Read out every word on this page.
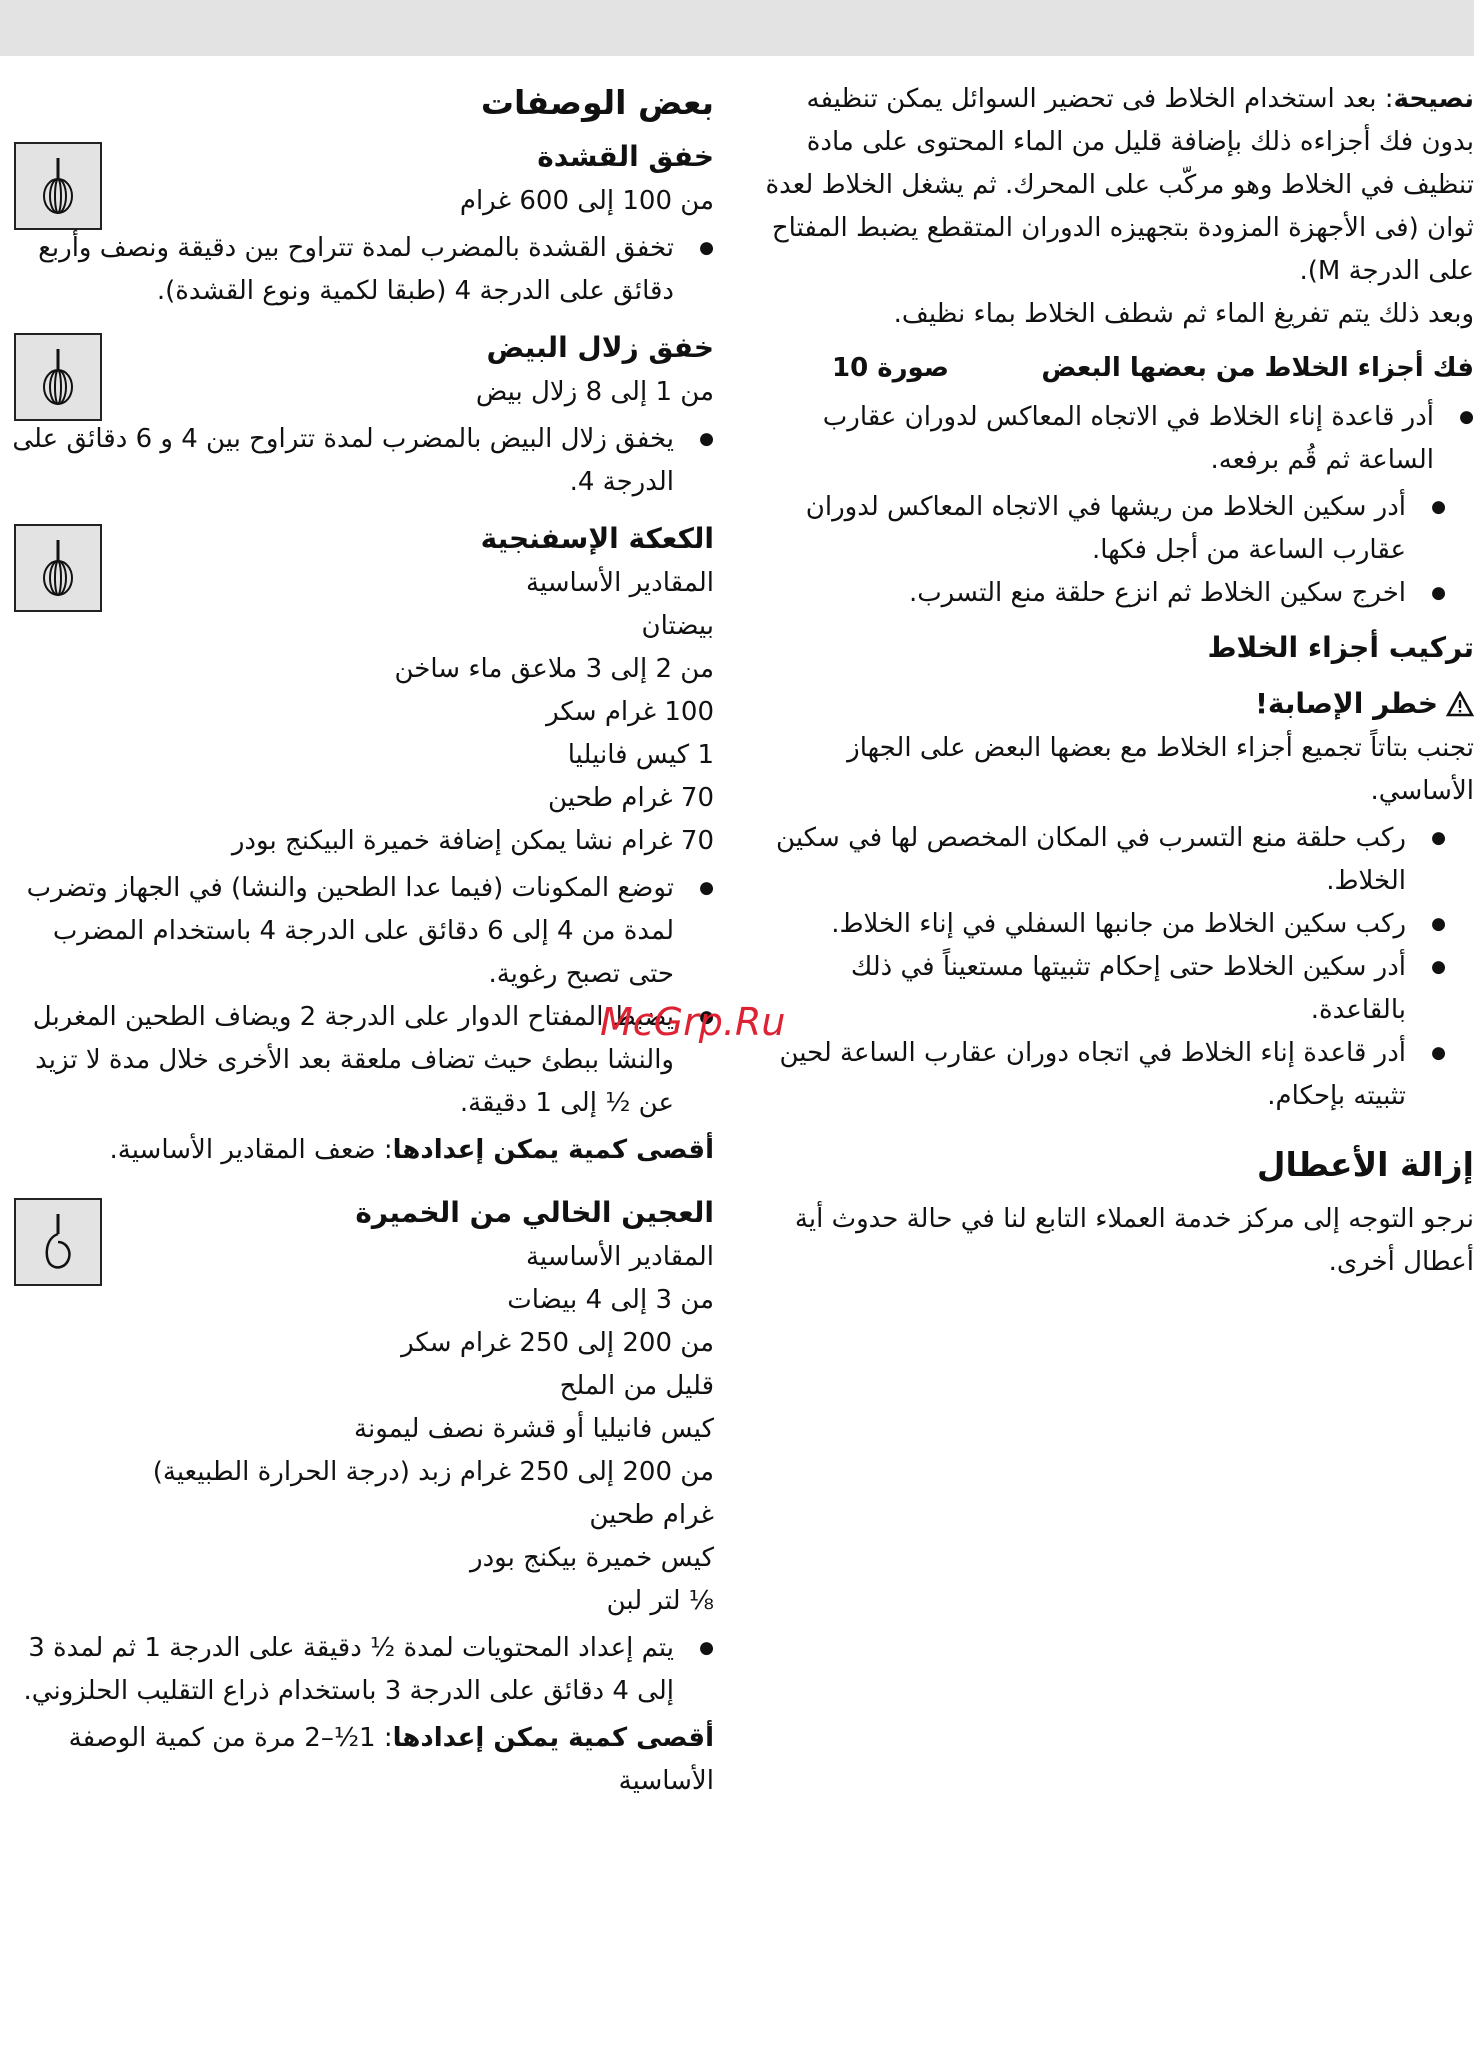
نصيحة: بعد استخدام الخلاط فى تحضير السوائل يمكن تنظيفه بدون فك أجزاءه ذلك بإضافة قليل من الماء المحتوى على مادة تنظيف في الخلاط وهو مركّب على المحرك. ثم يشغل الخلاط لعدة ثوان (فى الأجهزة المزودة بتجهيزه الدوران المتقطع يضبط المفتاح على الدرجة M).

وبعد ذلك يتم تفريغ الماء ثم شطف الخلاط بماء نظيف.

فك أجزاء الخلاط من بعضها البعض
صورة 10
● أدر قاعدة إناء الخلاط في الاتجاه المعاكس لدوران عقارب الساعة ثم قُم برفعه.
● أدر سكين الخلاط من ريشها في الاتجاه المعاكس لدوران عقارب الساعة من أجل فكها.
● اخرج سكين الخلاط ثم انزع حلقة منع التسرب.

تركيب أجزاء الخلاط

خطر الإصابة!

تجنب بتاتاً تجميع أجزاء الخلاط مع بعضها البعض على الجهاز الأساسي.

● ركب حلقة منع التسرب في المكان المخصص لها في سكين الخلاط.
● ركب سكين الخلاط من جانبها السفلي في إناء الخلاط.
● أدر سكين الخلاط حتى إحكام تثبيتها مستعيناً في ذلك بالقاعدة.
● أدر قاعدة إناء الخلاط في اتجاه دوران عقارب الساعة لحين تثبيته بإحكام.

إزالة الأعطال

نرجو التوجه إلى مركز خدمة العملاء التابع لنا في حالة حدوث أية أعطال أخرى.

بعض الوصفات

خفق القشدة

من 100 إلى 600 غرام

● تخفق القشدة بالمضرب لمدة تتراوح بين دقيقة ونصف وأربع دقائق على الدرجة 4 (طبقا لكمية ونوع القشدة).

خفق زلال البيض

من 1 إلى 8 زلال بيض

● يخفق زلال البيض بالمضرب لمدة تتراوح بين 4 و 6 دقائق على الدرجة 4.

الكعكة الإسفنجية

المقادير الأساسية

بيضتان

من 2 إلى 3 ملاعق ماء ساخن

100 غرام سكر

1 كيس فانيليا

70 غرام طحين

70 غرام نشا يمكن إضافة خميرة البيكنج بودر

● توضع المكونات (فيما عدا الطحين والنشا) في الجهاز وتضرب لمدة من 4 إلى 6 دقائق على الدرجة 4 باستخدام المضرب حتى تصبح رغوية.
● يضبط المفتاح الدوار على الدرجة 2 ويضاف الطحين المغربل والنشا ببطئ حيث تضاف ملعقة بعد الأخرى خلال مدة لا تزيد عن ½ إلى 1 دقيقة.

أقصى كمية يمكن إعدادها: ضعف المقادير الأساسية.

العجين الخالي من الخميرة

المقادير الأساسية

من 3 إلى 4 بيضات

من 200 إلى 250 غرام سكر

قليل من الملح

كيس فانيليا أو قشرة نصف ليمونة

من 200 إلى 250 غرام زبد (درجة الحرارة الطبيعية)

غرام طحين

كيس خميرة بيكنج بودر

⅛ لتر لبن

● يتم إعداد المحتويات لمدة ½ دقيقة على الدرجة 1 ثم لمدة 3 إلى 4 دقائق على الدرجة 3 باستخدام ذراع التقليب الحلزوني.

أقصى كمية يمكن إعدادها: 1½–2 مرة من كمية الوصفة الأساسية

McGrp.Ru
